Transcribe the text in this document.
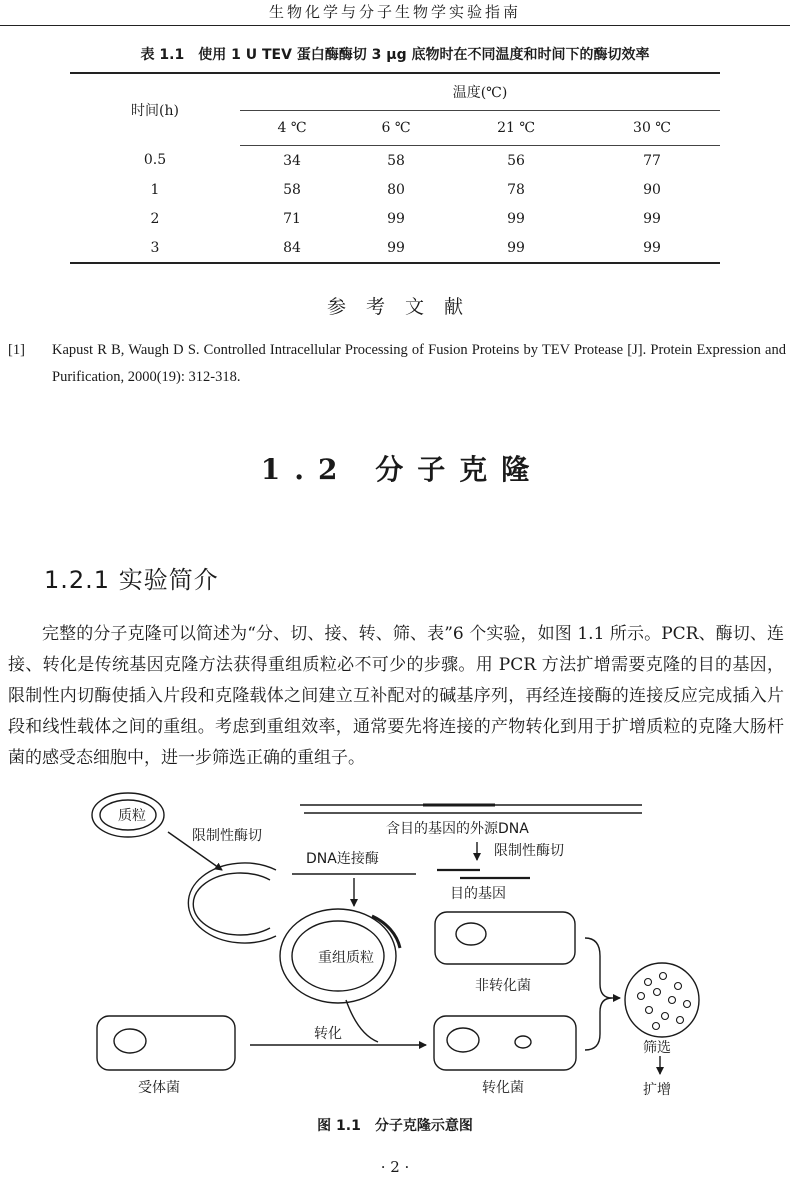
生物化学与分子生物学实验指南
表 1.1 使用 1 U TEV 蛋白酶酶切 3 μg 底物时在不同温度和时间下的酶切效率
时间(h)	温度(℃)			
	4 ℃	6 ℃	21 ℃	30 ℃
0.5	34	58	56	77
1	58	80	78	90
2	71	99	99	99
3	84	99	99	99
参考文献
[1] Kapust R B, Waugh D S. Controlled Intracellular Processing of Fusion Proteins by TEV Protease [J]. Protein Expression and Purification, 2000(19): 312-318.
1.2 分子克隆
1.2.1 实验简介
完整的分子克隆可以简述为“分、切、接、转、筛、表”6 个实验，如图 1.1 所示。PCR、酶切、连接、转化是传统基因克隆方法获得重组质粒必不可少的步骤。用 PCR 方法扩增需要克隆的目的基因，限制性内切酶使插入片段和克隆载体之间建立互补配对的碱基序列，再经连接酶的连接反应完成插入片段和线性载体之间的重组。考虑到重组效率，通常要先将连接的产物转化到用于扩增质粒的克隆大肠杆菌的感受态细胞中，进一步筛选正确的重组子。
质粒
限制性酶切	含目的基因的外源DNA
限制性酶切
DNA连接酶
目的基因
重组质粒
非转化菌
受体菌
转化
转化菌
筛选
扩增
图 1.1 分子克隆示意图
· 2 ·
